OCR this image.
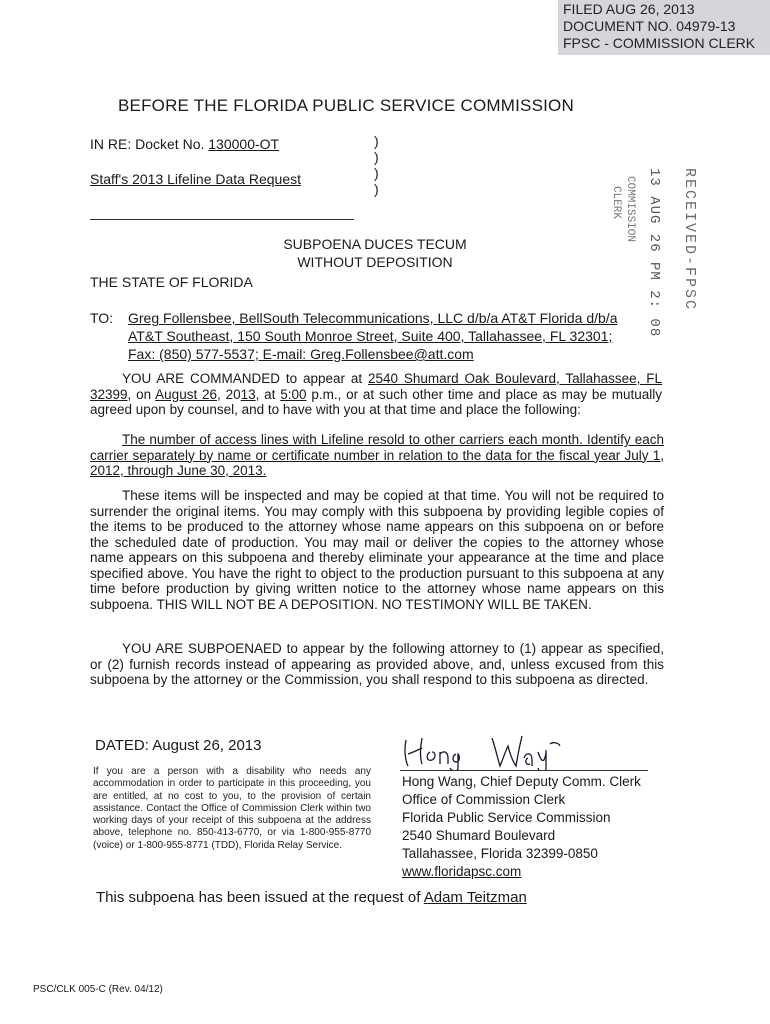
FILED AUG 26, 2013
DOCUMENT NO. 04979-13
FPSC - COMMISSION CLERK
BEFORE THE FLORIDA PUBLIC SERVICE COMMISSION
IN RE: Docket No. 130000-OT
Staff's 2013 Lifeline Data Request
)
)
)
)	RECEIVED-FPSC
13 AUG 26 PM 2: 08
COMMISSION
CLERK
SUBPOENA DUCES TECUM
WITHOUT DEPOSITION
THE STATE OF FLORIDA
TO: Greg Follensbee, BellSouth Telecommunications, LLC d/b/a AT&T Florida d/b/a
AT&T Southeast, 150 South Monroe Street, Suite 400, Tallahassee, FL 32301;
Fax: (850) 577-5537; E-mail: Greg.Follensbee@att.com
YOU ARE COMMANDED to appear at 2540 Shumard Oak Boulevard, Tallahassee, FL 32399, on August 26, 2013, at 5:00 p.m., or at such other time and place as may be mutually agreed upon by counsel, and to have with you at that time and place the following:
The number of access lines with Lifeline resold to other carriers each month. Identify each carrier separately by name or certificate number in relation to the data for the fiscal year July 1, 2012, through June 30, 2013.
These items will be inspected and may be copied at that time. You will not be required to surrender the original items. You may comply with this subpoena by providing legible copies of the items to be produced to the attorney whose name appears on this subpoena on or before the scheduled date of production. You may mail or deliver the copies to the attorney whose name appears on this subpoena and thereby eliminate your appearance at the time and place specified above. You have the right to object to the production pursuant to this subpoena at any time before production by giving written notice to the attorney whose name appears on this subpoena. THIS WILL NOT BE A DEPOSITION. NO TESTIMONY WILL BE TAKEN.
YOU ARE SUBPOENAED to appear by the following attorney to (1) appear as specified, or (2) furnish records instead of appearing as provided above, and, unless excused from this subpoena by the attorney or the Commission, you shall respond to this subpoena as directed.
DATED: August 26, 2013
If you are a person with a disability who needs any accommodation in order to participate in this proceeding, you are entitled, at no cost to you, to the provision of certain assistance. Contact the Office of Commission Clerk within two working days of your receipt of this subpoena at the address above, telephone no. 850-413-6770, or via 1-800-955-8770 (voice) or 1-800-955-8771 (TDD), Florida Relay Service.
Hong Wang, Chief Deputy Comm. Clerk
Office of Commission Clerk
Florida Public Service Commission
2540 Shumard Boulevard
Tallahassee, Florida 32399-0850
www.floridapsc.com
This subpoena has been issued at the request of Adam Teitzman
PSC/CLK 005-C (Rev. 04/12)
